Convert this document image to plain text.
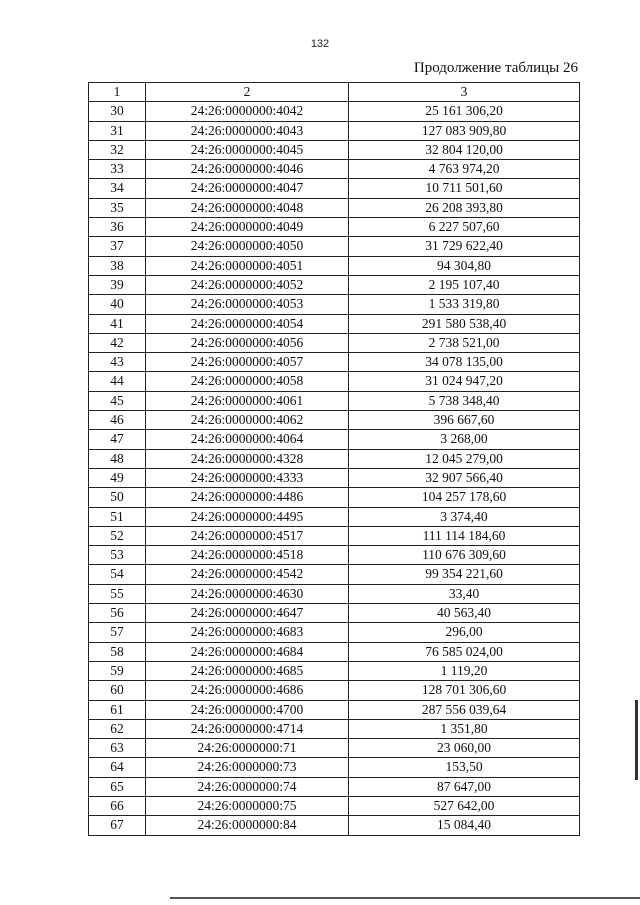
132
Продолжение таблицы 26
1	2	3
30	24:26:0000000:4042	25 161 306,20
31	24:26:0000000:4043	127 083 909,80
32	24:26:0000000:4045	32 804 120,00
33	24:26:0000000:4046	4 763 974,20
34	24:26:0000000:4047	10 711 501,60
35	24:26:0000000:4048	26 208 393,80
36	24:26:0000000:4049	6 227 507,60
37	24:26:0000000:4050	31 729 622,40
38	24:26:0000000:4051	94 304,80
39	24:26:0000000:4052	2 195 107,40
40	24:26:0000000:4053	1 533 319,80
41	24:26:0000000:4054	291 580 538,40
42	24:26:0000000:4056	2 738 521,00
43	24:26:0000000:4057	34 078 135,00
44	24:26:0000000:4058	31 024 947,20
45	24:26:0000000:4061	5 738 348,40
46	24:26:0000000:4062	396 667,60
47	24:26:0000000:4064	3 268,00
48	24:26:0000000:4328	12 045 279,00
49	24:26:0000000:4333	32 907 566,40
50	24:26:0000000:4486	104 257 178,60
51	24:26:0000000:4495	3 374,40
52	24:26:0000000:4517	111 114 184,60
53	24:26:0000000:4518	110 676 309,60
54	24:26:0000000:4542	99 354 221,60
55	24:26:0000000:4630	33,40
56	24:26:0000000:4647	40 563,40
57	24:26:0000000:4683	296,00
58	24:26:0000000:4684	76 585 024,00
59	24:26:0000000:4685	1 119,20
60	24:26:0000000:4686	128 701 306,60
61	24:26:0000000:4700	287 556 039,64
62	24:26:0000000:4714	1 351,80
63	24:26:0000000:71	23 060,00
64	24:26:0000000:73	153,50
65	24:26:0000000:74	87 647,00
66	24:26:0000000:75	527 642,00
67	24:26:0000000:84	15 084,40
